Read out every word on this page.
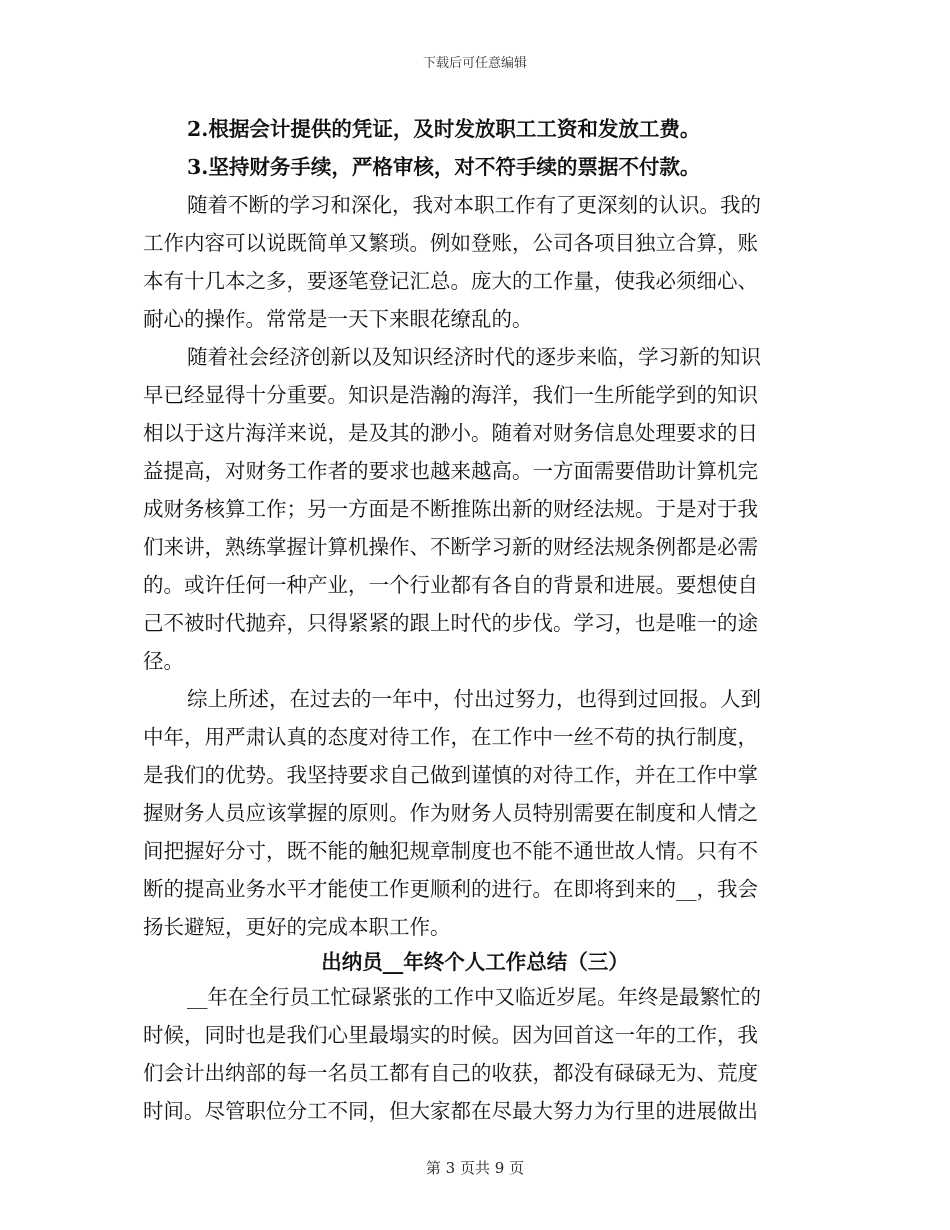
下载后可任意编辑
2.根据会计提供的凭证，及时发放职工工资和发放工费。
3.坚持财务手续，严格审核，对不符手续的票据不付款。
随着不断的学习和深化，我对本职工作有了更深刻的认识。我的
工作内容可以说既简单又繁琐。例如登账，公司各项目独立合算，账
本有十几本之多，要逐笔登记汇总。庞大的工作量，使我必须细心、
耐心的操作。常常是一天下来眼花缭乱的。
随着社会经济创新以及知识经济时代的逐步来临，学习新的知识
早已经显得十分重要。知识是浩瀚的海洋，我们一生所能学到的知识
相以于这片海洋来说，是及其的渺小。随着对财务信息处理要求的日
益提高，对财务工作者的要求也越来越高。一方面需要借助计算机完
成财务核算工作；另一方面是不断推陈出新的财经法规。于是对于我
们来讲，熟练掌握计算机操作、不断学习新的财经法规条例都是必需
的。或许任何一种产业，一个行业都有各自的背景和进展。要想使自
己不被时代抛弃，只得紧紧的跟上时代的步伐。学习，也是唯一的途
径。
综上所述，在过去的一年中，付出过努力，也得到过回报。人到
中年，用严肃认真的态度对待工作，在工作中一丝不苟的执行制度，
是我们的优势。我坚持要求自己做到谨慎的对待工作，并在工作中掌
握财务人员应该掌握的原则。作为财务人员特别需要在制度和人情之
间把握好分寸，既不能的触犯规章制度也不能不通世故人情。只有不
断的提高业务水平才能使工作更顺利的进行。在即将到来的__，我会
扬长避短，更好的完成本职工作。
出纳员__年终个人工作总结（三）
__年在全行员工忙碌紧张的工作中又临近岁尾。年终是最繁忙的
时候，同时也是我们心里最塌实的时候。因为回首这一年的工作，我
们会计出纳部的每一名员工都有自己的收获，都没有碌碌无为、荒度
时间。尽管职位分工不同，但大家都在尽最大努力为行里的进展做出
第 3 页共 9 页
